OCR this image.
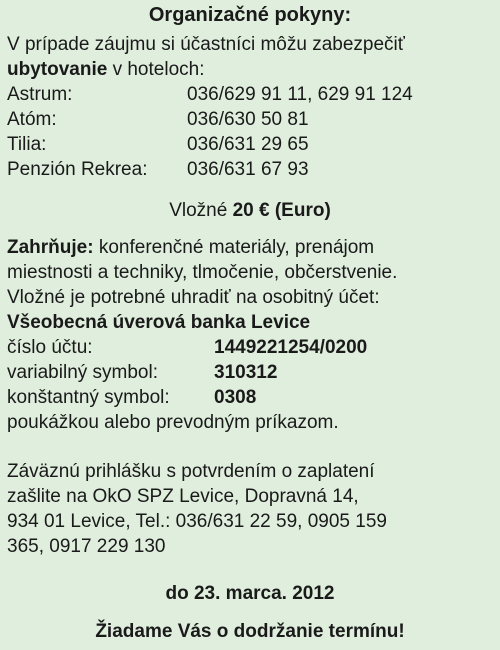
Organizačné pokyny:
V prípade záujmu si účastníci môžu zabezpečiť
ubytovanie v hoteloch:
Astrum:	036/629 91 11, 629 91 124
Atóm:	036/630 50 81
Tilia:	036/631 29 65
Penzión Rekrea: 036/631 67 93
Vložné 20 € (Euro)
Zahrňuje: konferenčné materiály, prenájom
miestnosti a techniky, tlmočenie, občerstvenie.
Vložné je potrebné uhradiť na osobitný účet:
Všeobecná úverová banka Levice
číslo účtu:	1449221254/0200
variabilný symbol:	310312
konštantný symbol: 0308
poukážkou alebo prevodným príkazom.
Záväznú prihlášku s potvrdením o zaplatení
zašlite na OkO SPZ Levice, Dopravná 14,
934 01 Levice, Tel.: 036/631 22 59, 0905 159
365, 0917 229 130
do 23. marca. 2012
Žiadame Vás o dodržanie termínu!
